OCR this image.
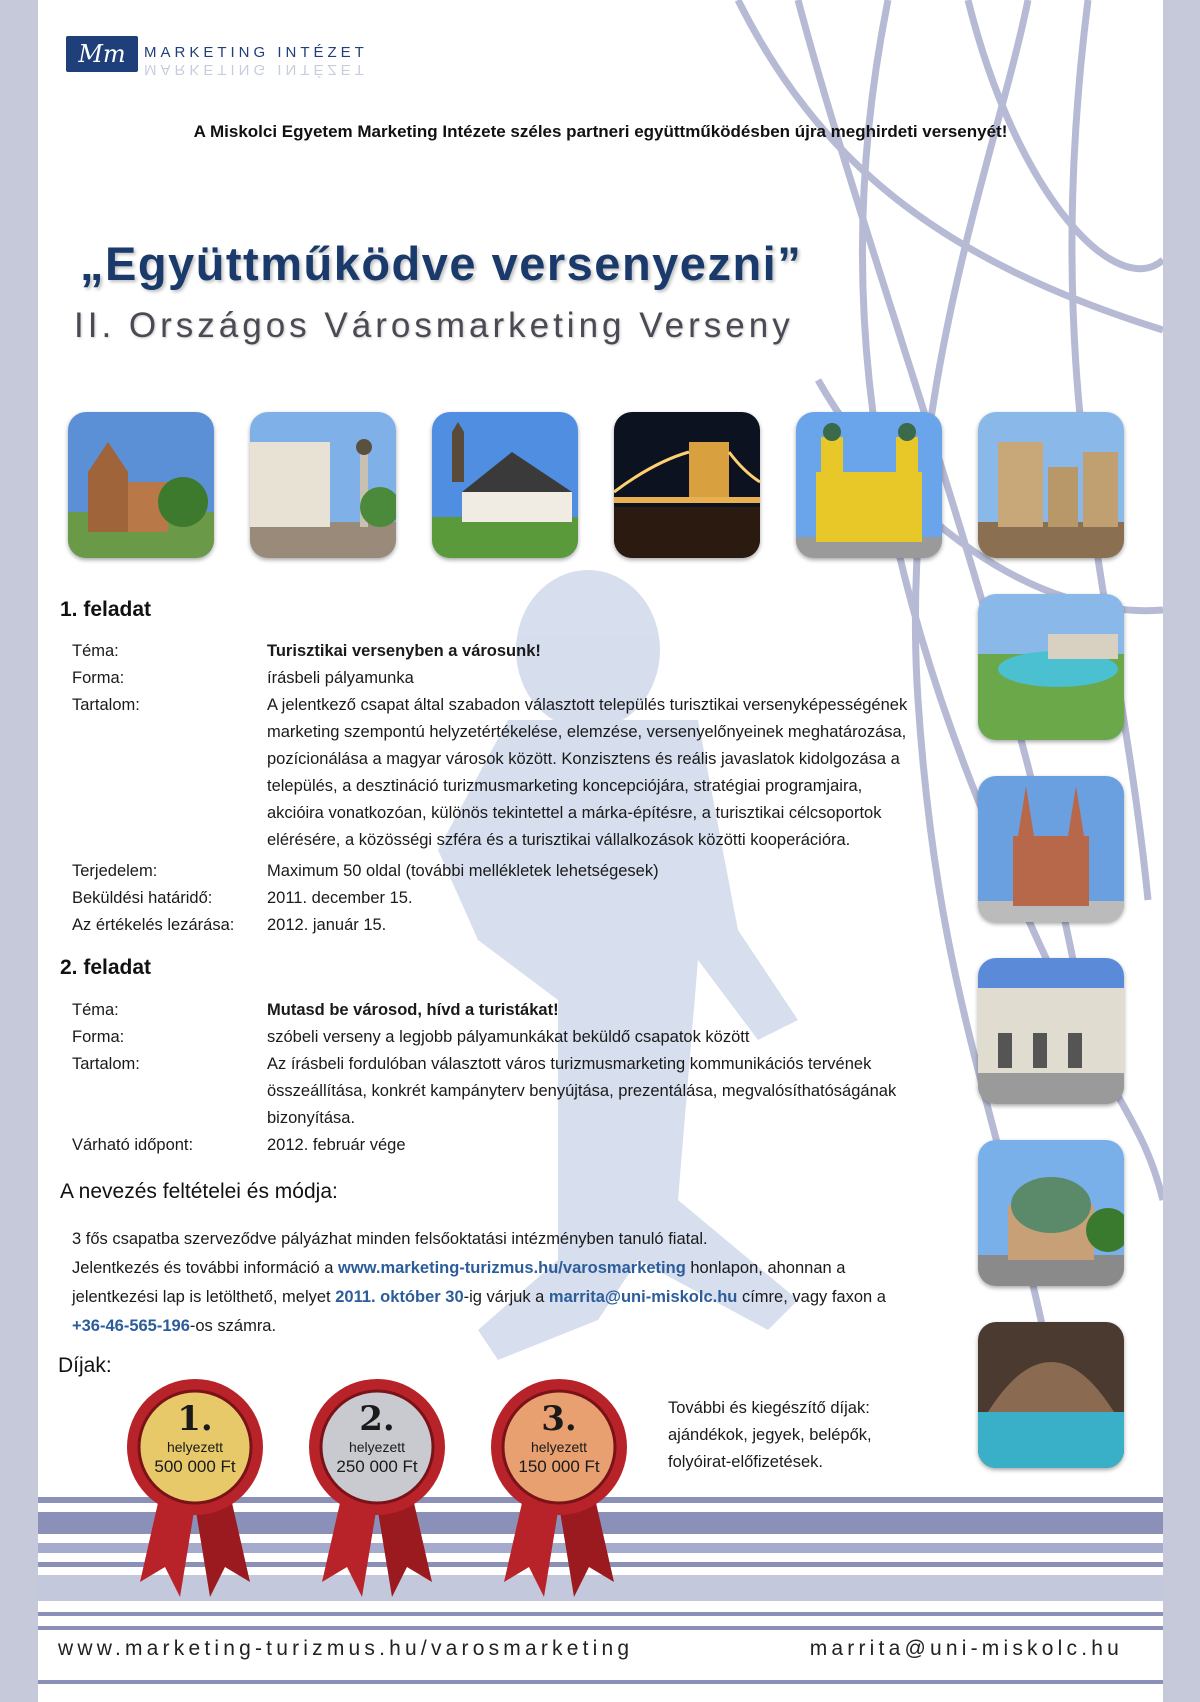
Mm	MARKETING INTÉZET
MARKETING INTÉZET
A Miskolci Egyetem Marketing Intézete széles partneri együttműködésben újra meghirdeti versenyét!
„Együttműködve versenyezni”
II. Országos Városmarketing Verseny
1. feladat
Téma:	Turisztikai versenyben a városunk!
Forma:	írásbeli pályamunka
Tartalom:	A jelentkező csapat által szabadon választott település turisztikai versenyképességének marketing szempontú helyzetértékelése, elemzése, versenyelőnyeinek meghatározása, pozícionálása a magyar városok között. Konzisztens és reális javaslatok kidolgozása a település, a desztináció turizmusmarketing koncepciójára, stratégiai programjaira, akcióira vonatkozóan, különös tekintettel a márka-építésre, a turisztikai célcsoportok elérésére, a közösségi szféra és a turisztikai vállalkozások közötti kooperációra.
Terjedelem:	Maximum 50 oldal (további mellékletek lehetségesek)
Beküldési határidő:	2011. december 15.
Az értékelés lezárása: 2012. január 15.
2. feladat
Téma:	Mutasd be városod, hívd a turistákat!
Forma:	szóbeli verseny a legjobb pályamunkákat beküldő csapatok között
Tartalom:	Az írásbeli fordulóban választott város turizmusmarketing kommunikációs tervének összeállítása, konkrét kampányterv benyújtása, prezentálása, megvalósíthatóságának bizonyítása.
Várható időpont:	2012. február vége
A nevezés feltételei és módja:
3 fős csapatba szerveződve pályázhat minden felsőoktatási intézményben tanuló fiatal.
Jelentkezés és további információ a www.marketing-turizmus.hu/varosmarketing honlapon, ahonnan a jelentkezési lap is letölthető, melyet 2011. október 30-ig várjuk a marrita@uni-miskolc.hu címre, vagy faxon a +36-46-565-196-os számra.
Díjak:
1.
helyezett
500 000 Ft
2.
helyezett
250 000 Ft
3.
helyezett
150 000 Ft
További és kiegészítő díjak: ajándékok, jegyek, belépők, folyóirat-előfizetések.
www.marketing-turizmus.hu/varosmarketing	marrita@uni-miskolc.hu
